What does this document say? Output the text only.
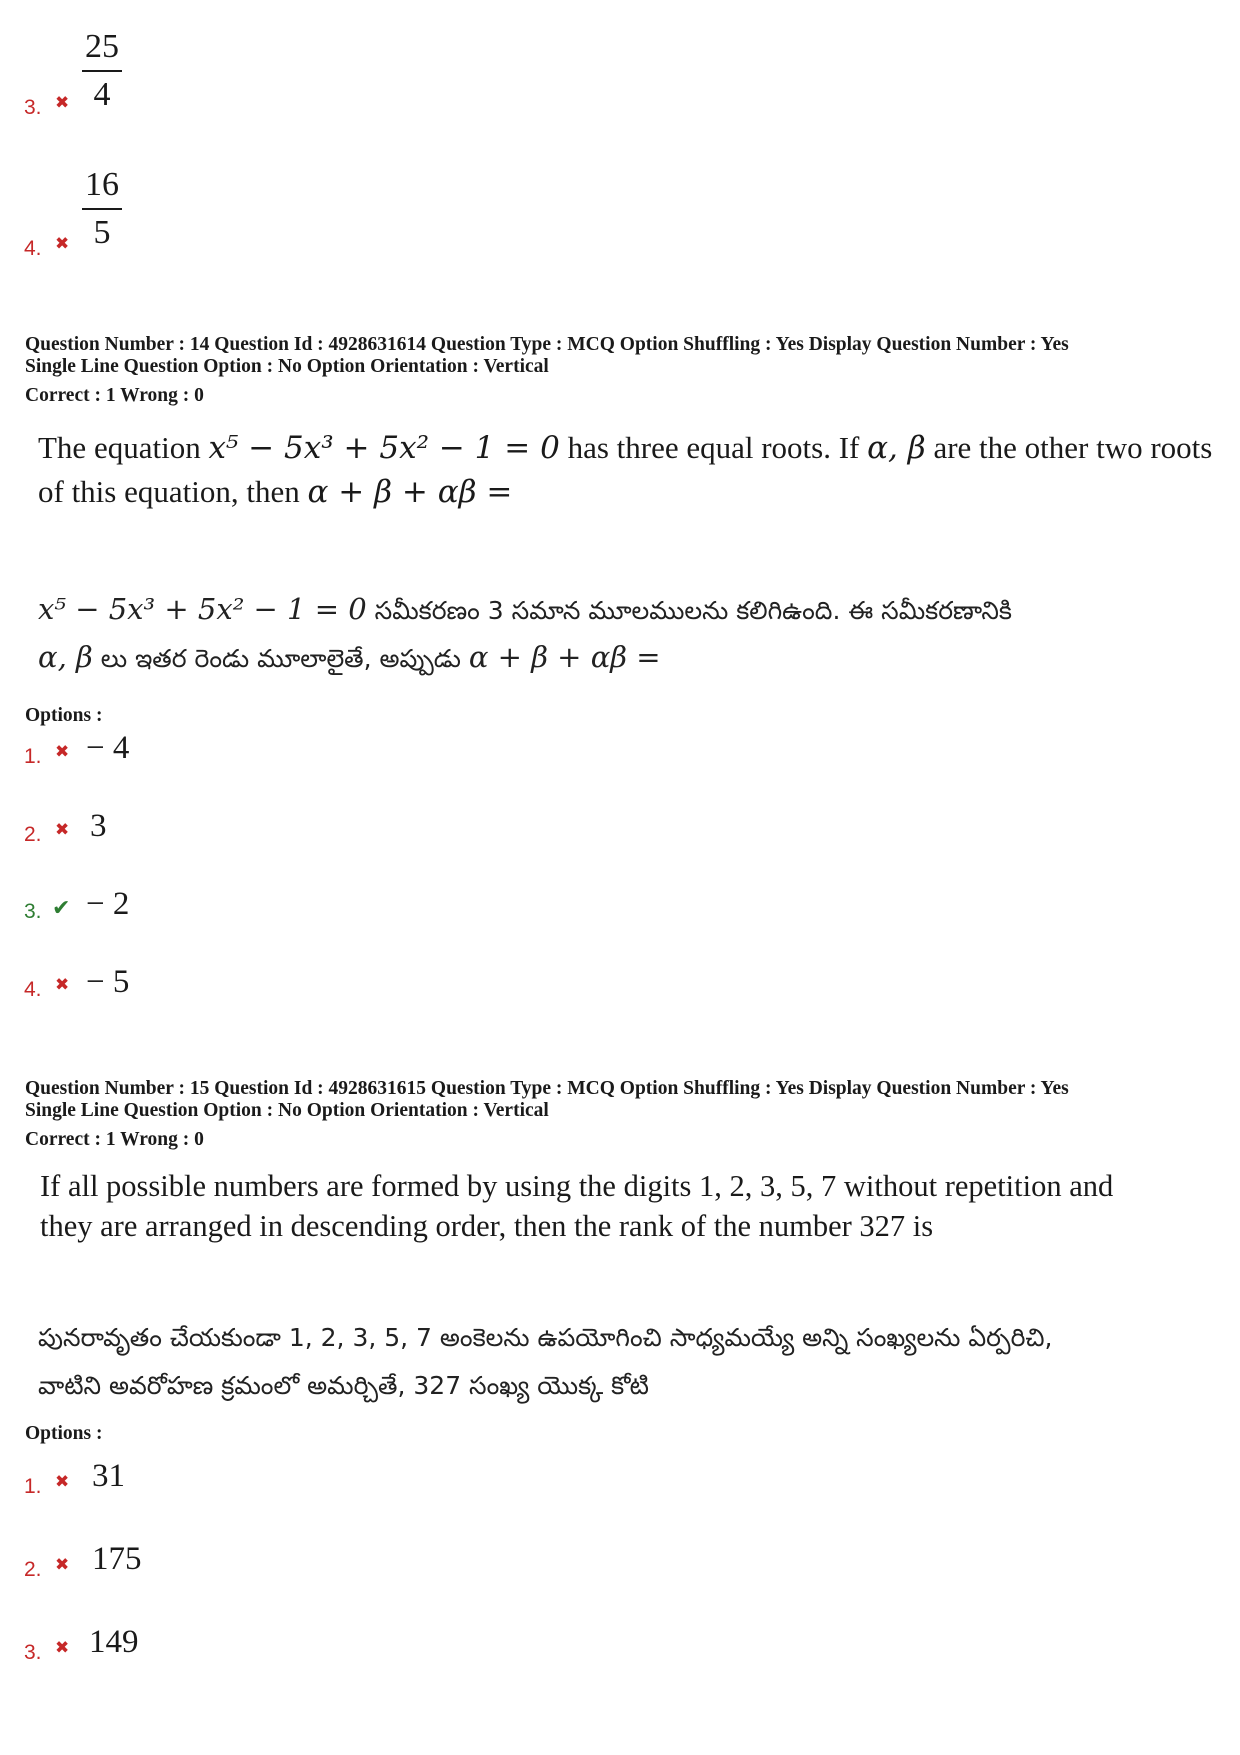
3. ✖
25
4
4. ✖
16
5
Question Number : 14 Question Id : 4928631614 Question Type : MCQ Option Shuffling : Yes Display Question Number : Yes
Single Line Question Option : No Option Orientation : Vertical
Correct : 1 Wrong : 0
The equation x⁵ − 5x³ + 5x² − 1 = 0 has three equal roots. If α, β are the other two roots
of this equation, then α + β + αβ =
x⁵ − 5x³ + 5x² − 1 = 0 సమీకరణం 3 సమాన మూలములను కలిగిఉంది. ఈ సమీకరణానికి
α, β లు ఇతర రెండు మూలాలైతే, అప్పుడు α + β + αβ =
Options :
1. ✖ − 4
2. ✖ 3
3. ✔ − 2
4. ✖ − 5
Question Number : 15 Question Id : 4928631615 Question Type : MCQ Option Shuffling : Yes Display Question Number : Yes
Single Line Question Option : No Option Orientation : Vertical
Correct : 1 Wrong : 0
If all possible numbers are formed by using the digits 1, 2, 3, 5, 7 without repetition and
they are arranged in descending order, then the rank of the number 327 is
పునరావృతం చేయకుండా 1, 2, 3, 5, 7 అంకెలను ఉపయోగించి సాధ్యమయ్యే అన్ని సంఖ్యలను ఏర్పరిచి,
వాటిని అవరోహణ క్రమంలో అమర్చితే, 327 సంఖ్య యొక్క కోటి
Options :
1. ✖ 31
2. ✖ 175
3. ✖ 149
